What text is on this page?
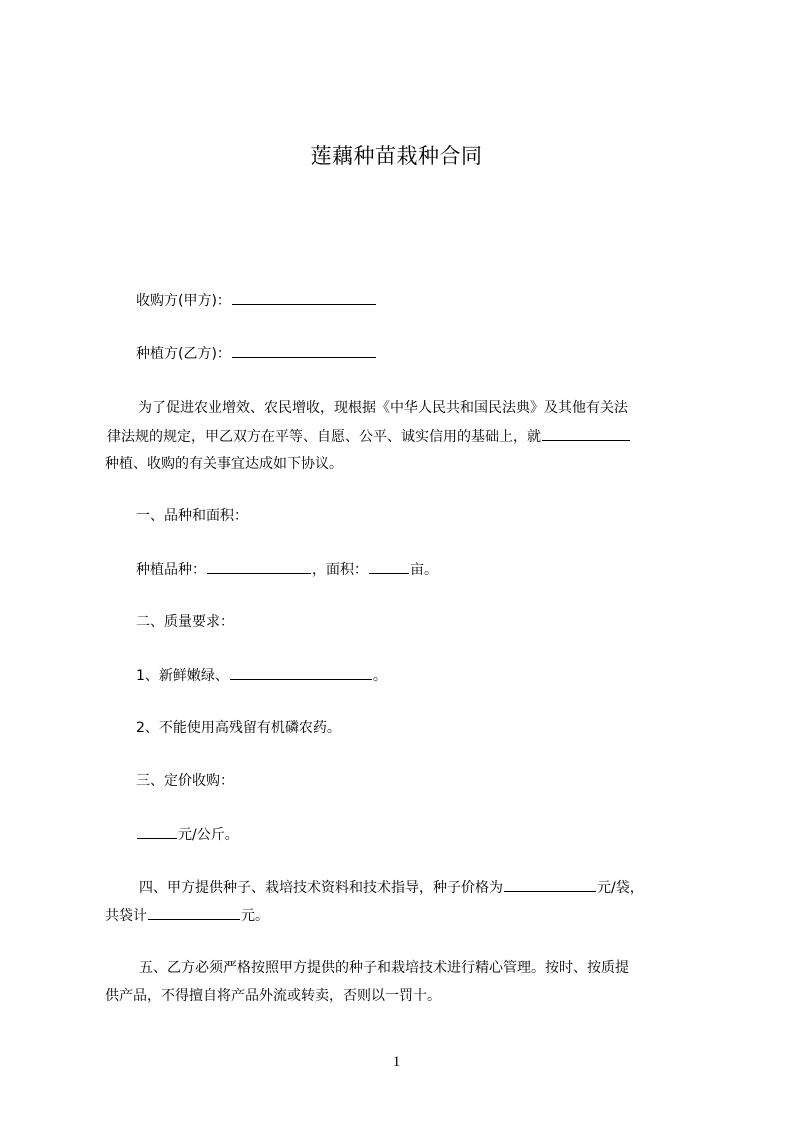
莲藕种苗栽种合同
收购方(甲方)：
种植方(乙方)：
为了促进农业增效、农民增收，现根据《中华人民共和国民法典》及其他有关法
律法规的规定，甲乙双方在平等、自愿、公平、诚实信用的基础上，就
种植、收购的有关事宜达成如下协议。
一、品种和面积：
种植品种：	，面积：	亩。
二、质量要求：
1、新鲜嫩绿、	。
2、不能使用高残留有机磷农药。
三、定价收购：
元/公斤。
四、甲方提供种子、栽培技术资料和技术指导，种子价格为	元/袋，
共袋计	元。
五、乙方必须严格按照甲方提供的种子和栽培技术进行精心管理。按时、按质提
供产品，不得擅自将产品外流或转卖，否则以一罚十。
1
